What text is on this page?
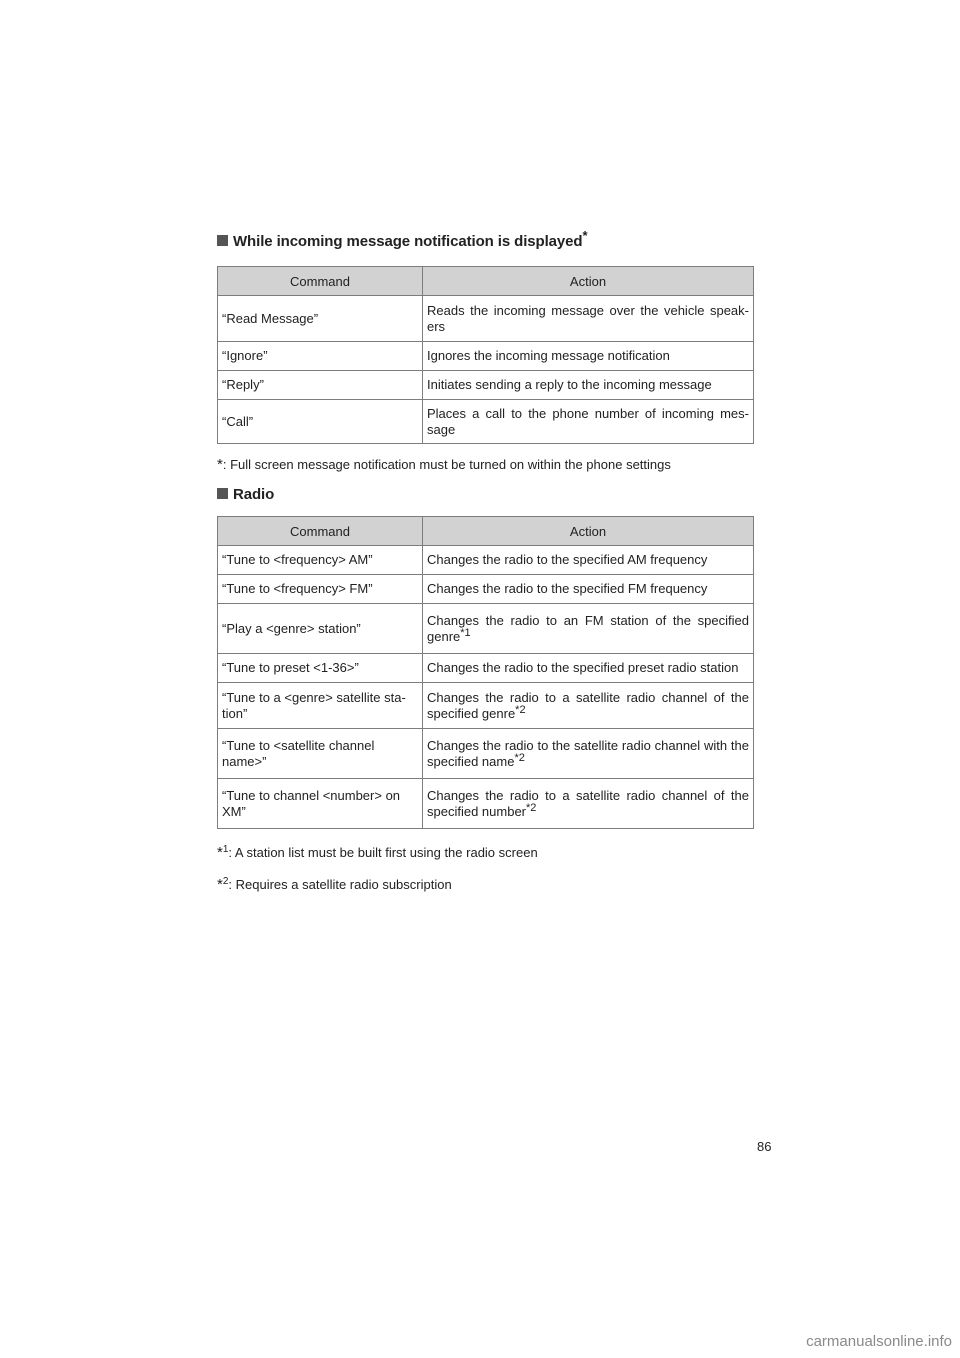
While incoming message notification is displayed*
Command	Action
“Read Message”	Reads the incoming message over the vehicle speak- ers
“Ignore”	Ignores the incoming message notification
“Reply”	Initiates sending a reply to the incoming message
“Call”	Places a call to the phone number of incoming mes- sage
*: Full screen message notification must be turned on within the phone settings
Radio
Command	Action
“Tune to <frequency> AM”	Changes the radio to the specified AM frequency
“Tune to <frequency> FM”	Changes the radio to the specified FM frequency
“Play a <genre> station”	Changes the radio to an FM station of the specified genre$^{*1}$
“Tune to preset <1-36>”	Changes the radio to the specified preset radio station
“Tune to a <genre> satellite sta- tion”	Changes the radio to a satellite radio channel of the specified genre$^{*2}$
“Tune to <satellite channel name>”	Changes the radio to the satellite radio channel with the specified name$^{*2}$
“Tune to channel <number> on XM”	Changes the radio to a satellite radio channel of the specified number$^{*2}$
*$^1$: A station list must be built first using the radio screen
*$^2$: Requires a satellite radio subscription
86
carmanualsonline.info
